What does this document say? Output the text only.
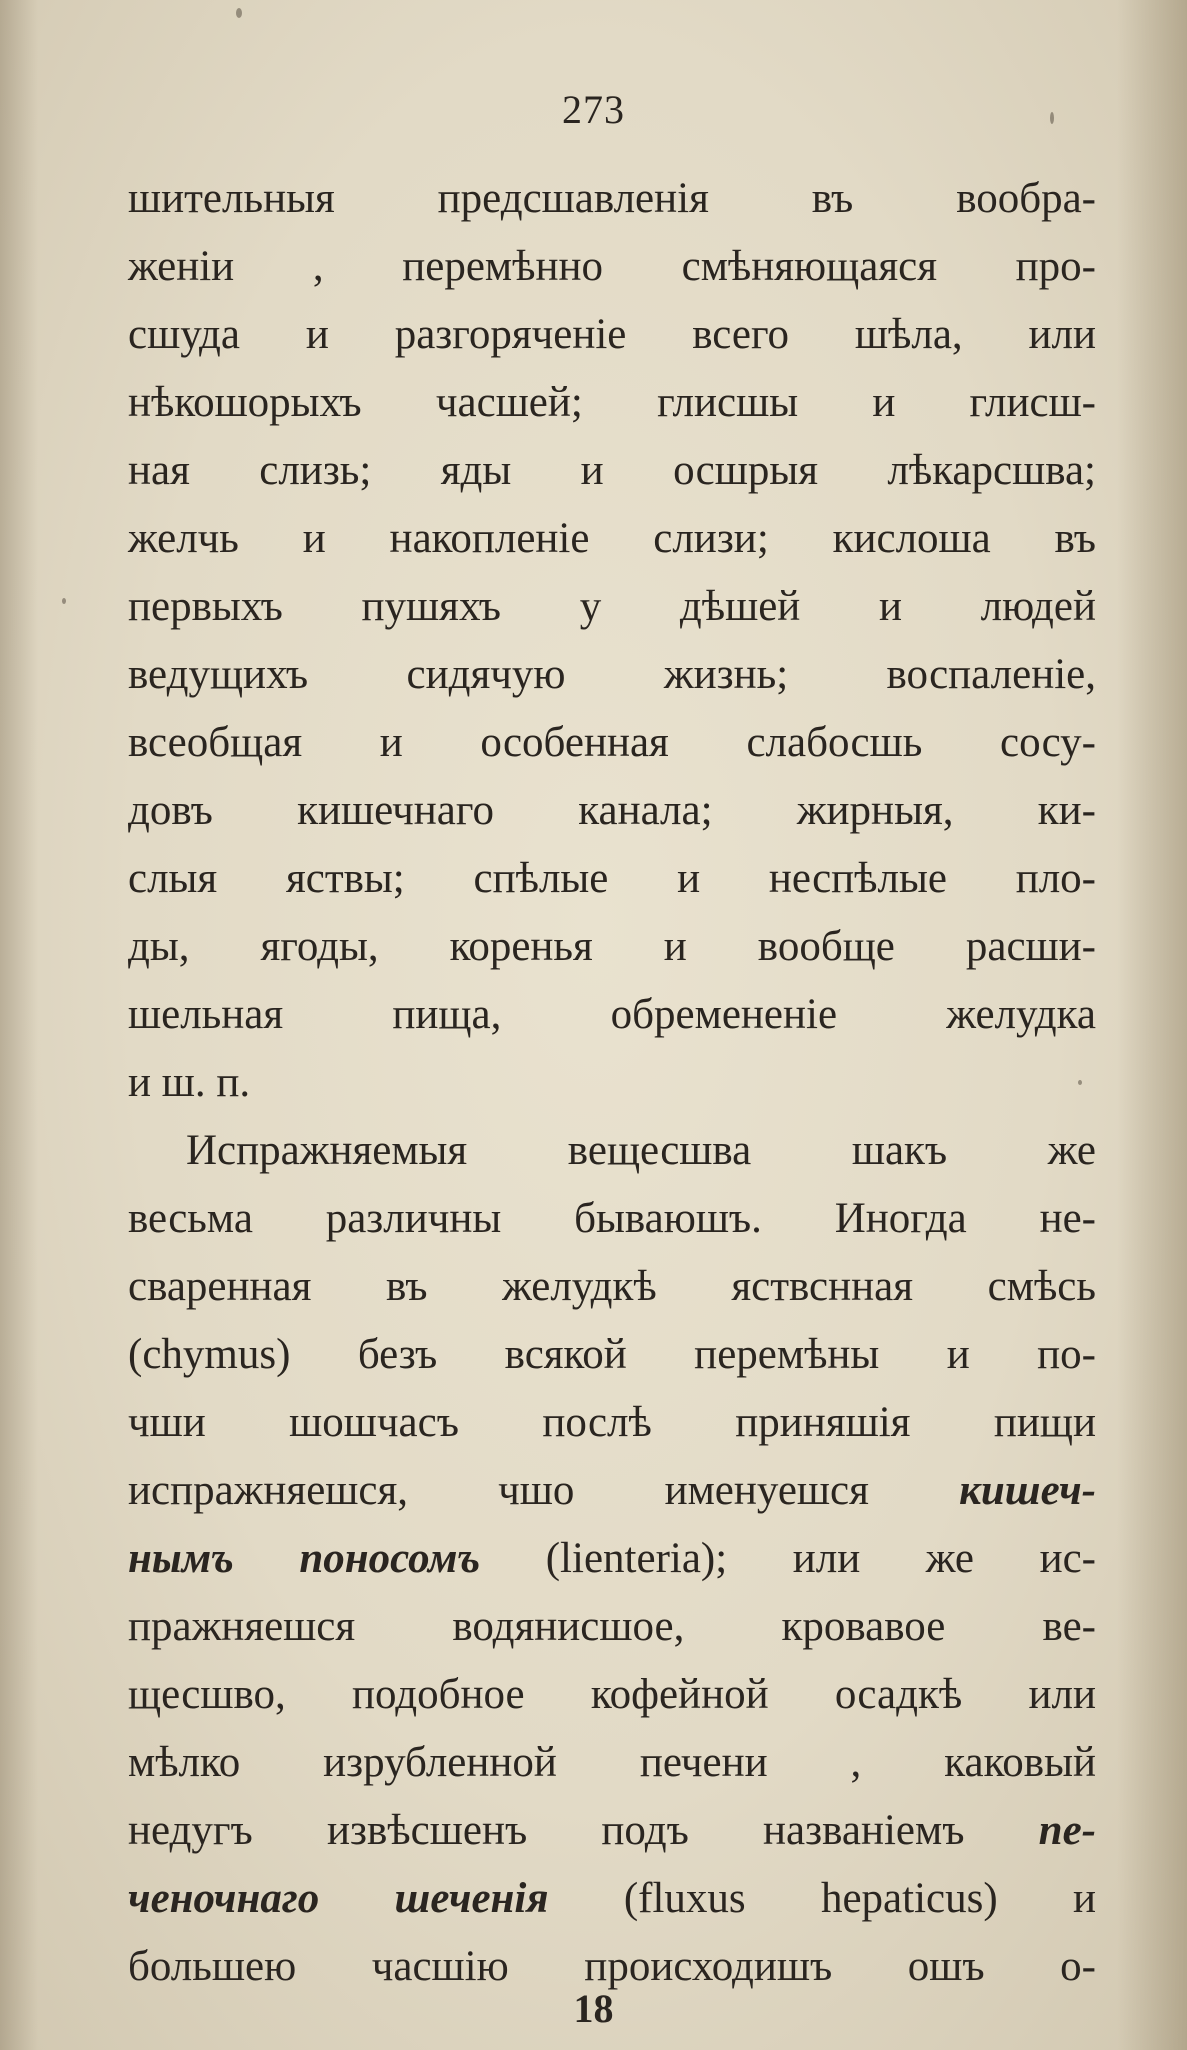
273
шительныя предсшавленія въ вообра-
женіи , перемѣнно смѣняющаяся про-
сшуда и разгоряченіе всего шѣла, или
нѣкошорыхъ часшей; глисшы и глисш-
ная слизь; яды и осшрыя лѣкарсшва;
желчь и накопленіе слизи; кислоша въ
первыхъ пушяхъ у дѣшей и людей
ведущихъ сидячую жизнь; воспаленіе,
всеобщая и особенная слабосшь сосу-
довъ кишечнаго канала; жирныя, ки-
слыя яствы; спѣлые и неспѣлые пло-
ды, ягоды, коренья и вообще расши-
шельная пища, обремененіе желудка
и ш. п.
Испражняемыя вещесшва шакъ же
весьма различны бываюшъ. Иногда не-
сваренная въ желудкѣ яствснная смѣсь
(chymus) безъ всякой перемѣны и по-
чши шошчасъ послѣ приняшія пищи
испражняешся, чшо именуешся кишеч-
нымъ поносомъ (lienteria); или же ис-
пражняешся водянисшое, кровавое ве-
щесшво, подобное кофейной осадкѣ или
мѣлко изрубленной печени , каковый
недугъ извѣсшенъ подъ названіемъ пе-
ченочнаго шеченія (fluxus hepaticus) и
большею часшію происходишъ ошъ о-
18
